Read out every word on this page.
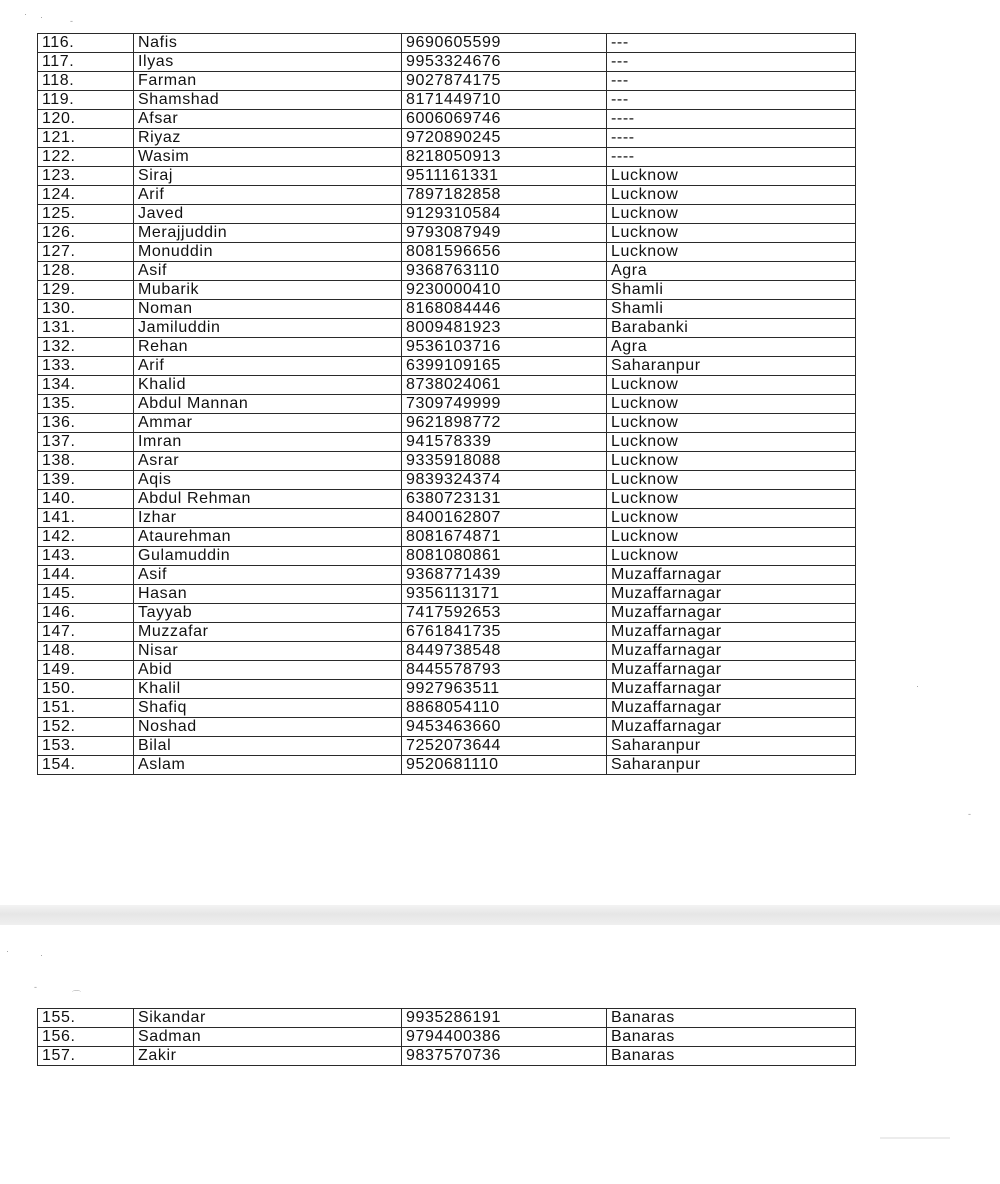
· ·	-
-
·
116.	Nafis	9690605599	---
117.	Ilyas	9953324676	---
118.	Farman	9027874175	---
119.	Shamshad	8171449710	---
120.	Afsar	6006069746	----
121.	Riyaz	9720890245	----
122.	Wasim	8218050913	----
123.	Siraj	9511161331	Lucknow
124.	Arif	7897182858	Lucknow
125.	Javed	9129310584	Lucknow
126.	Merajjuddin	9793087949	Lucknow
127.	Monuddin	8081596656	Lucknow
128.	Asif	9368763110	Agra
129.	Mubarik	9230000410	Shamli
130.	Noman	8168084446	Shamli
131.	Jamiluddin	8009481923	Barabanki
132.	Rehan	9536103716	Agra
133.	Arif	6399109165	Saharanpur
134.	Khalid	8738024061	Lucknow
135.	Abdul Mannan	7309749999	Lucknow
136.	Ammar	9621898772	Lucknow
137.	Imran	941578339	Lucknow
138.	Asrar	9335918088	Lucknow
139.	Aqis	9839324374	Lucknow
140.	Abdul Rehman	6380723131	Lucknow
141.	Izhar	8400162807	Lucknow
142.	Ataurehman	8081674871	Lucknow
143.	Gulamuddin	8081080861	Lucknow
144.	Asif	9368771439	Muzaffarnagar
145.	Hasan	9356113171	Muzaffarnagar
146.	Tayyab	7417592653	Muzaffarnagar
147.	Muzzafar	6761841735	Muzaffarnagar
148.	Nisar	8449738548	Muzaffarnagar
149.	Abid	8445578793	Muzaffarnagar
150.	Khalil	9927963511	Muzaffarnagar
151.	Shafiq	8868054110	Muzaffarnagar
152.	Noshad	9453463660	Muzaffarnagar
153.	Bilal	7252073644	Saharanpur
154.	Aslam	9520681110	Saharanpur
·	·
-
⌒
155.	Sikandar	9935286191	Banaras
156.	Sadman	9794400386	Banaras
157.	Zakir	9837570736	Banaras
